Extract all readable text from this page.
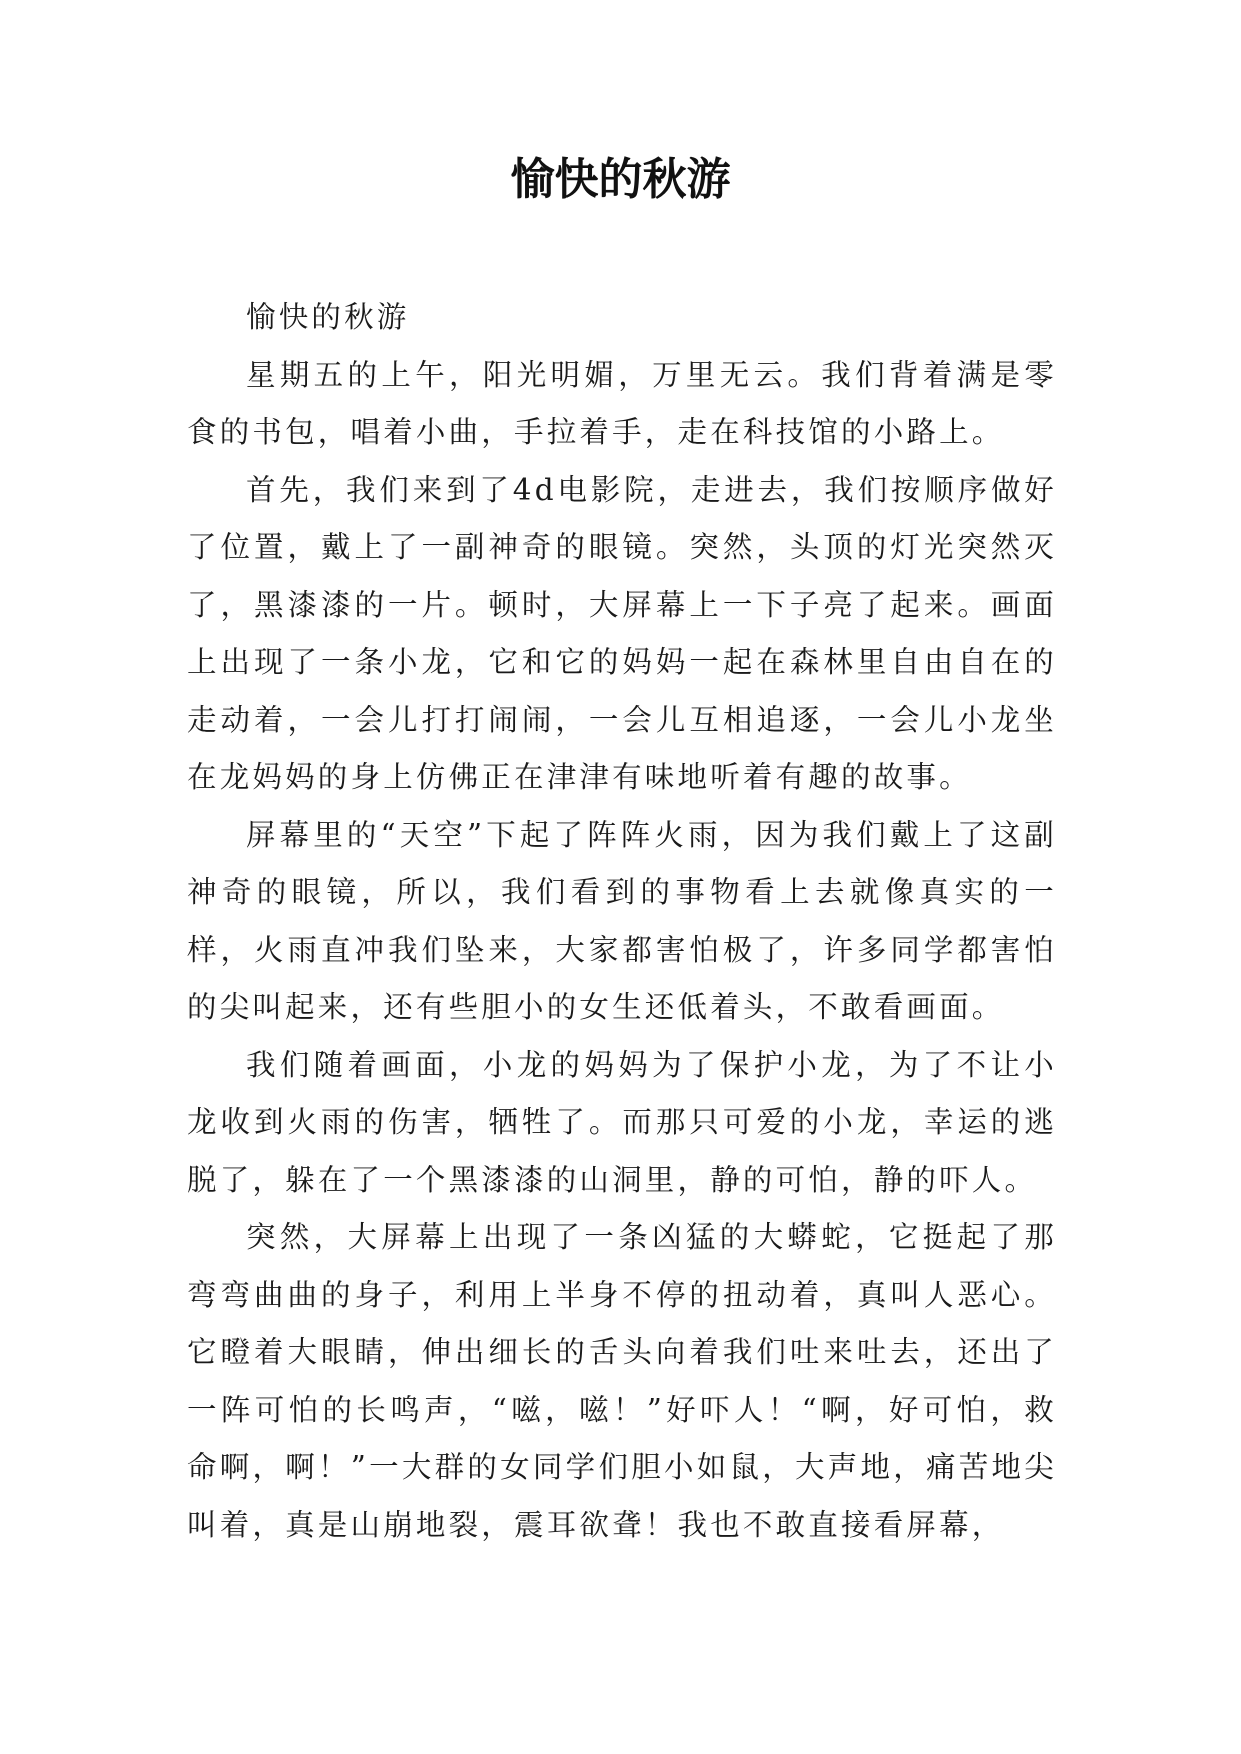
愉快的秋游

愉快的秋游

星期五的上午，阳光明媚，万里无云。我们背着满是零食的书包，唱着小曲，手拉着手，走在科技馆的小路上。

首先，我们来到了4d电影院，走进去，我们按顺序做好了位置，戴上了一副神奇的眼镜。突然，头顶的灯光突然灭了，黑漆漆的一片。顿时，大屏幕上一下子亮了起来。画面上出现了一条小龙，它和它的妈妈一起在森林里自由自在的走动着，一会儿打打闹闹，一会儿互相追逐，一会儿小龙坐在龙妈妈的身上仿佛正在津津有味地听着有趣的故事。

屏幕里的“天空”下起了阵阵火雨，因为我们戴上了这副神奇的眼镜，所以，我们看到的事物看上去就像真实的一样，火雨直冲我们坠来，大家都害怕极了，许多同学都害怕的尖叫起来，还有些胆小的女生还低着头，不敢看画面。

我们随着画面，小龙的妈妈为了保护小龙，为了不让小龙收到火雨的伤害，牺牲了。而那只可爱的小龙，幸运的逃脱了，躲在了一个黑漆漆的山洞里，静的可怕，静的吓人。

突然，大屏幕上出现了一条凶猛的大蟒蛇，它挺起了那弯弯曲曲的身子，利用上半身不停的扭动着，真叫人恶心。它瞪着大眼睛，伸出细长的舌头向着我们吐来吐去，还出了一阵可怕的长鸣声，“嗞，嗞！”好吓人！“啊，好可怕，救命啊，啊！”一大群的女同学们胆小如鼠，大声地，痛苦地尖叫着，真是山崩地裂，震耳欲聋！我也不敢直接看屏幕，
